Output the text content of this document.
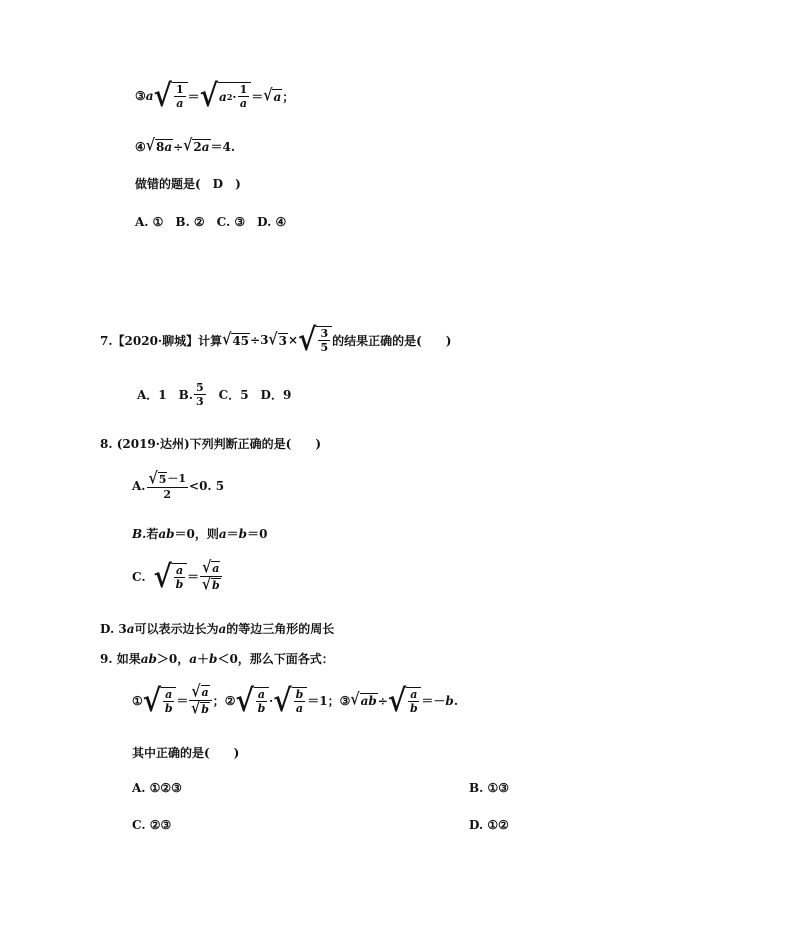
③ a √ $\frac{1}{a}$ ＝ √ a $2 \cdot \frac{1}{a}$ ＝ √ a ；
④ √ 8 a ÷ √ 2 a ＝4.
做错的题是(　D　)
A. ①　B. ②　C. ③　D. ④
7.【2020·聊城】计算 √ 45 ÷3 √ 3 × √ $\frac{3}{5}$ 的结果正确的是(　　)
A．1　B. $\frac{5}{3}$ 　C．5　D．9
8. (2019·达州)下列判断正确的是(　　)
A. $\frac{√ 5 -1}{2} <0$. 5
B. 若 ab ＝0，则 a ＝ b ＝0
C. √ $\frac{a}{b} = \frac{√ a}{√ b}$
D. 3 a 可以表示边长为 a 的等边三角形的周长
9. 如果 ab ＞0， a ＋ b ＜0，那么下面各式：
① √ $\frac{a}{b} = \frac{√ a}{√ b}$ ； ② √ $\frac{a}{b}$ · √ $\frac{b}{a} =1$； ③ √ ab ÷ √ $\frac{a}{b} =- b$ .
其中正确的是(　　)
A. ①②③	B. ①③
C. ②③	D. ①②
